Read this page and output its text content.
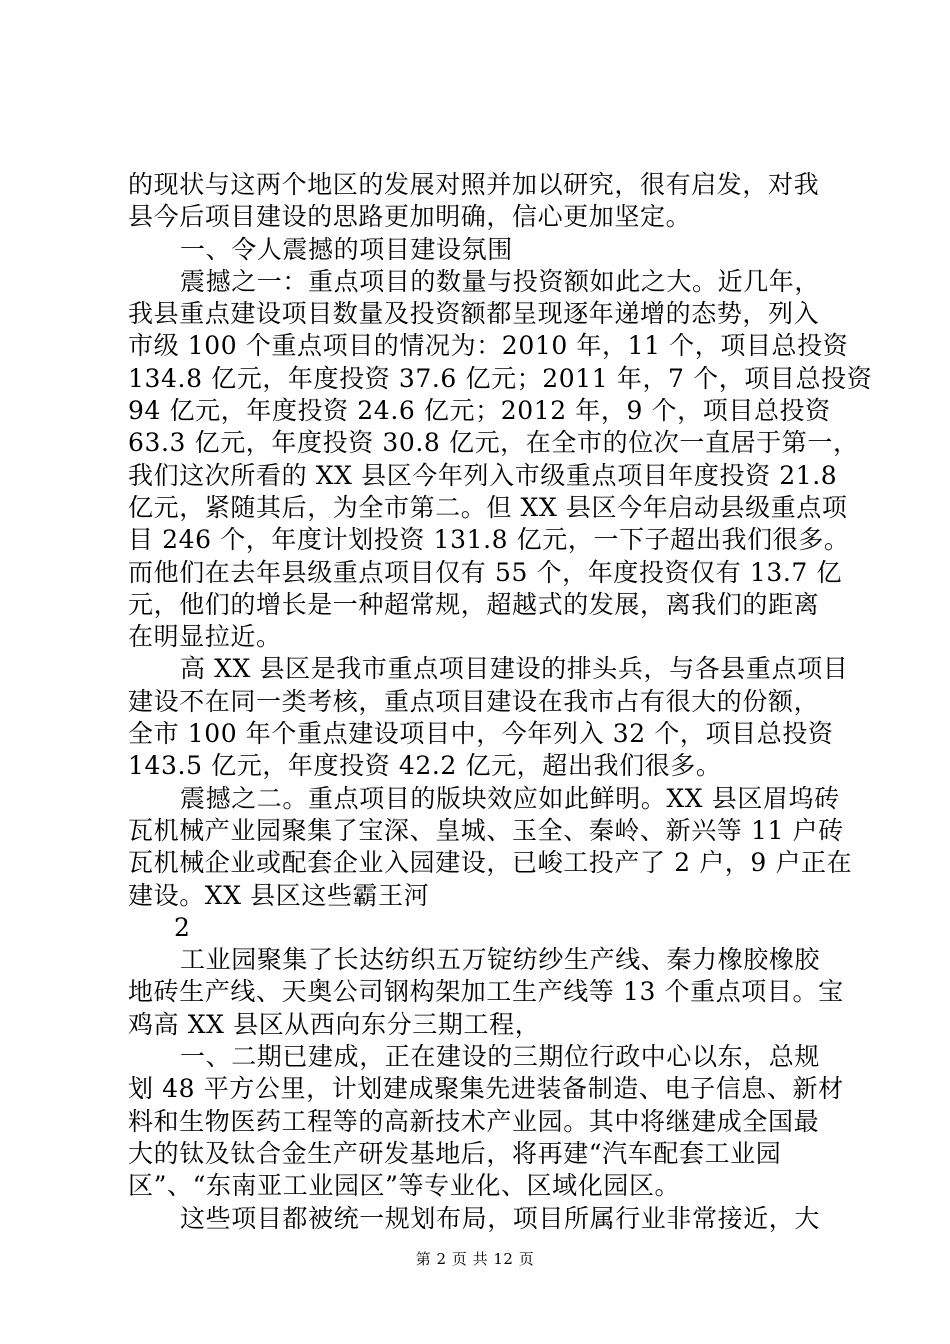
的现状与这两个地区的发展对照并加以研究，很有启发，对我

县今后项目建设的思路更加明确，信心更加坚定。

一、令人震撼的项目建设氛围

震撼之一：重点项目的数量与投资额如此之大。近几年，

我县重点建设项目数量及投资额都呈现逐年递增的态势，列入

市级 100 个重点项目的情况为：2010 年，11 个，项目总投资

134.8 亿元，年度投资 37.6 亿元；2011 年，7 个，项目总投资

94 亿元，年度投资 24.6 亿元；2012 年，9 个，项目总投资

63.3 亿元，年度投资 30.8 亿元，在全市的位次一直居于第一，

我们这次所看的 XX 县区今年列入市级重点项目年度投资 21.8

亿元，紧随其后，为全市第二。但 XX 县区今年启动县级重点项

目 246 个，年度计划投资 131.8 亿元，一下子超出我们很多。

而他们在去年县级重点项目仅有 55 个，年度投资仅有 13.7 亿

元，他们的增长是一种超常规，超越式的发展，离我们的距离

在明显拉近。

高 XX 县区是我市重点项目建设的排头兵，与各县重点项目

建设不在同一类考核，重点项目建设在我市占有很大的份额，

全市 100 年个重点建设项目中，今年列入 32 个，项目总投资

143.5 亿元，年度投资 42.2 亿元，超出我们很多。

震撼之二。重点项目的版块效应如此鲜明。XX 县区眉坞砖

瓦机械产业园聚集了宝深、皇城、玉全、秦岭、新兴等 11 户砖

瓦机械企业或配套企业入园建设，已峻工投产了 2 户，9 户正在

建设。XX 县区这些霸王河

2

工业园聚集了长达纺织五万锭纺纱生产线、秦力橡胶橡胶

地砖生产线、天奥公司钢构架加工生产线等 13 个重点项目。宝

鸡高 XX 县区从西向东分三期工程，

一、二期已建成，正在建设的三期位行政中心以东，总规

划 48 平方公里，计划建成聚集先进装备制造、电子信息、新材

料和生物医药工程等的高新技术产业园。其中将继建成全国最

大的钛及钛合金生产研发基地后，将再建“汽车配套工业园

区”、“东南亚工业园区”等专业化、区域化园区。

这些项目都被统一规划布局，项目所属行业非常接近，大

第 2 页 共 12 页
